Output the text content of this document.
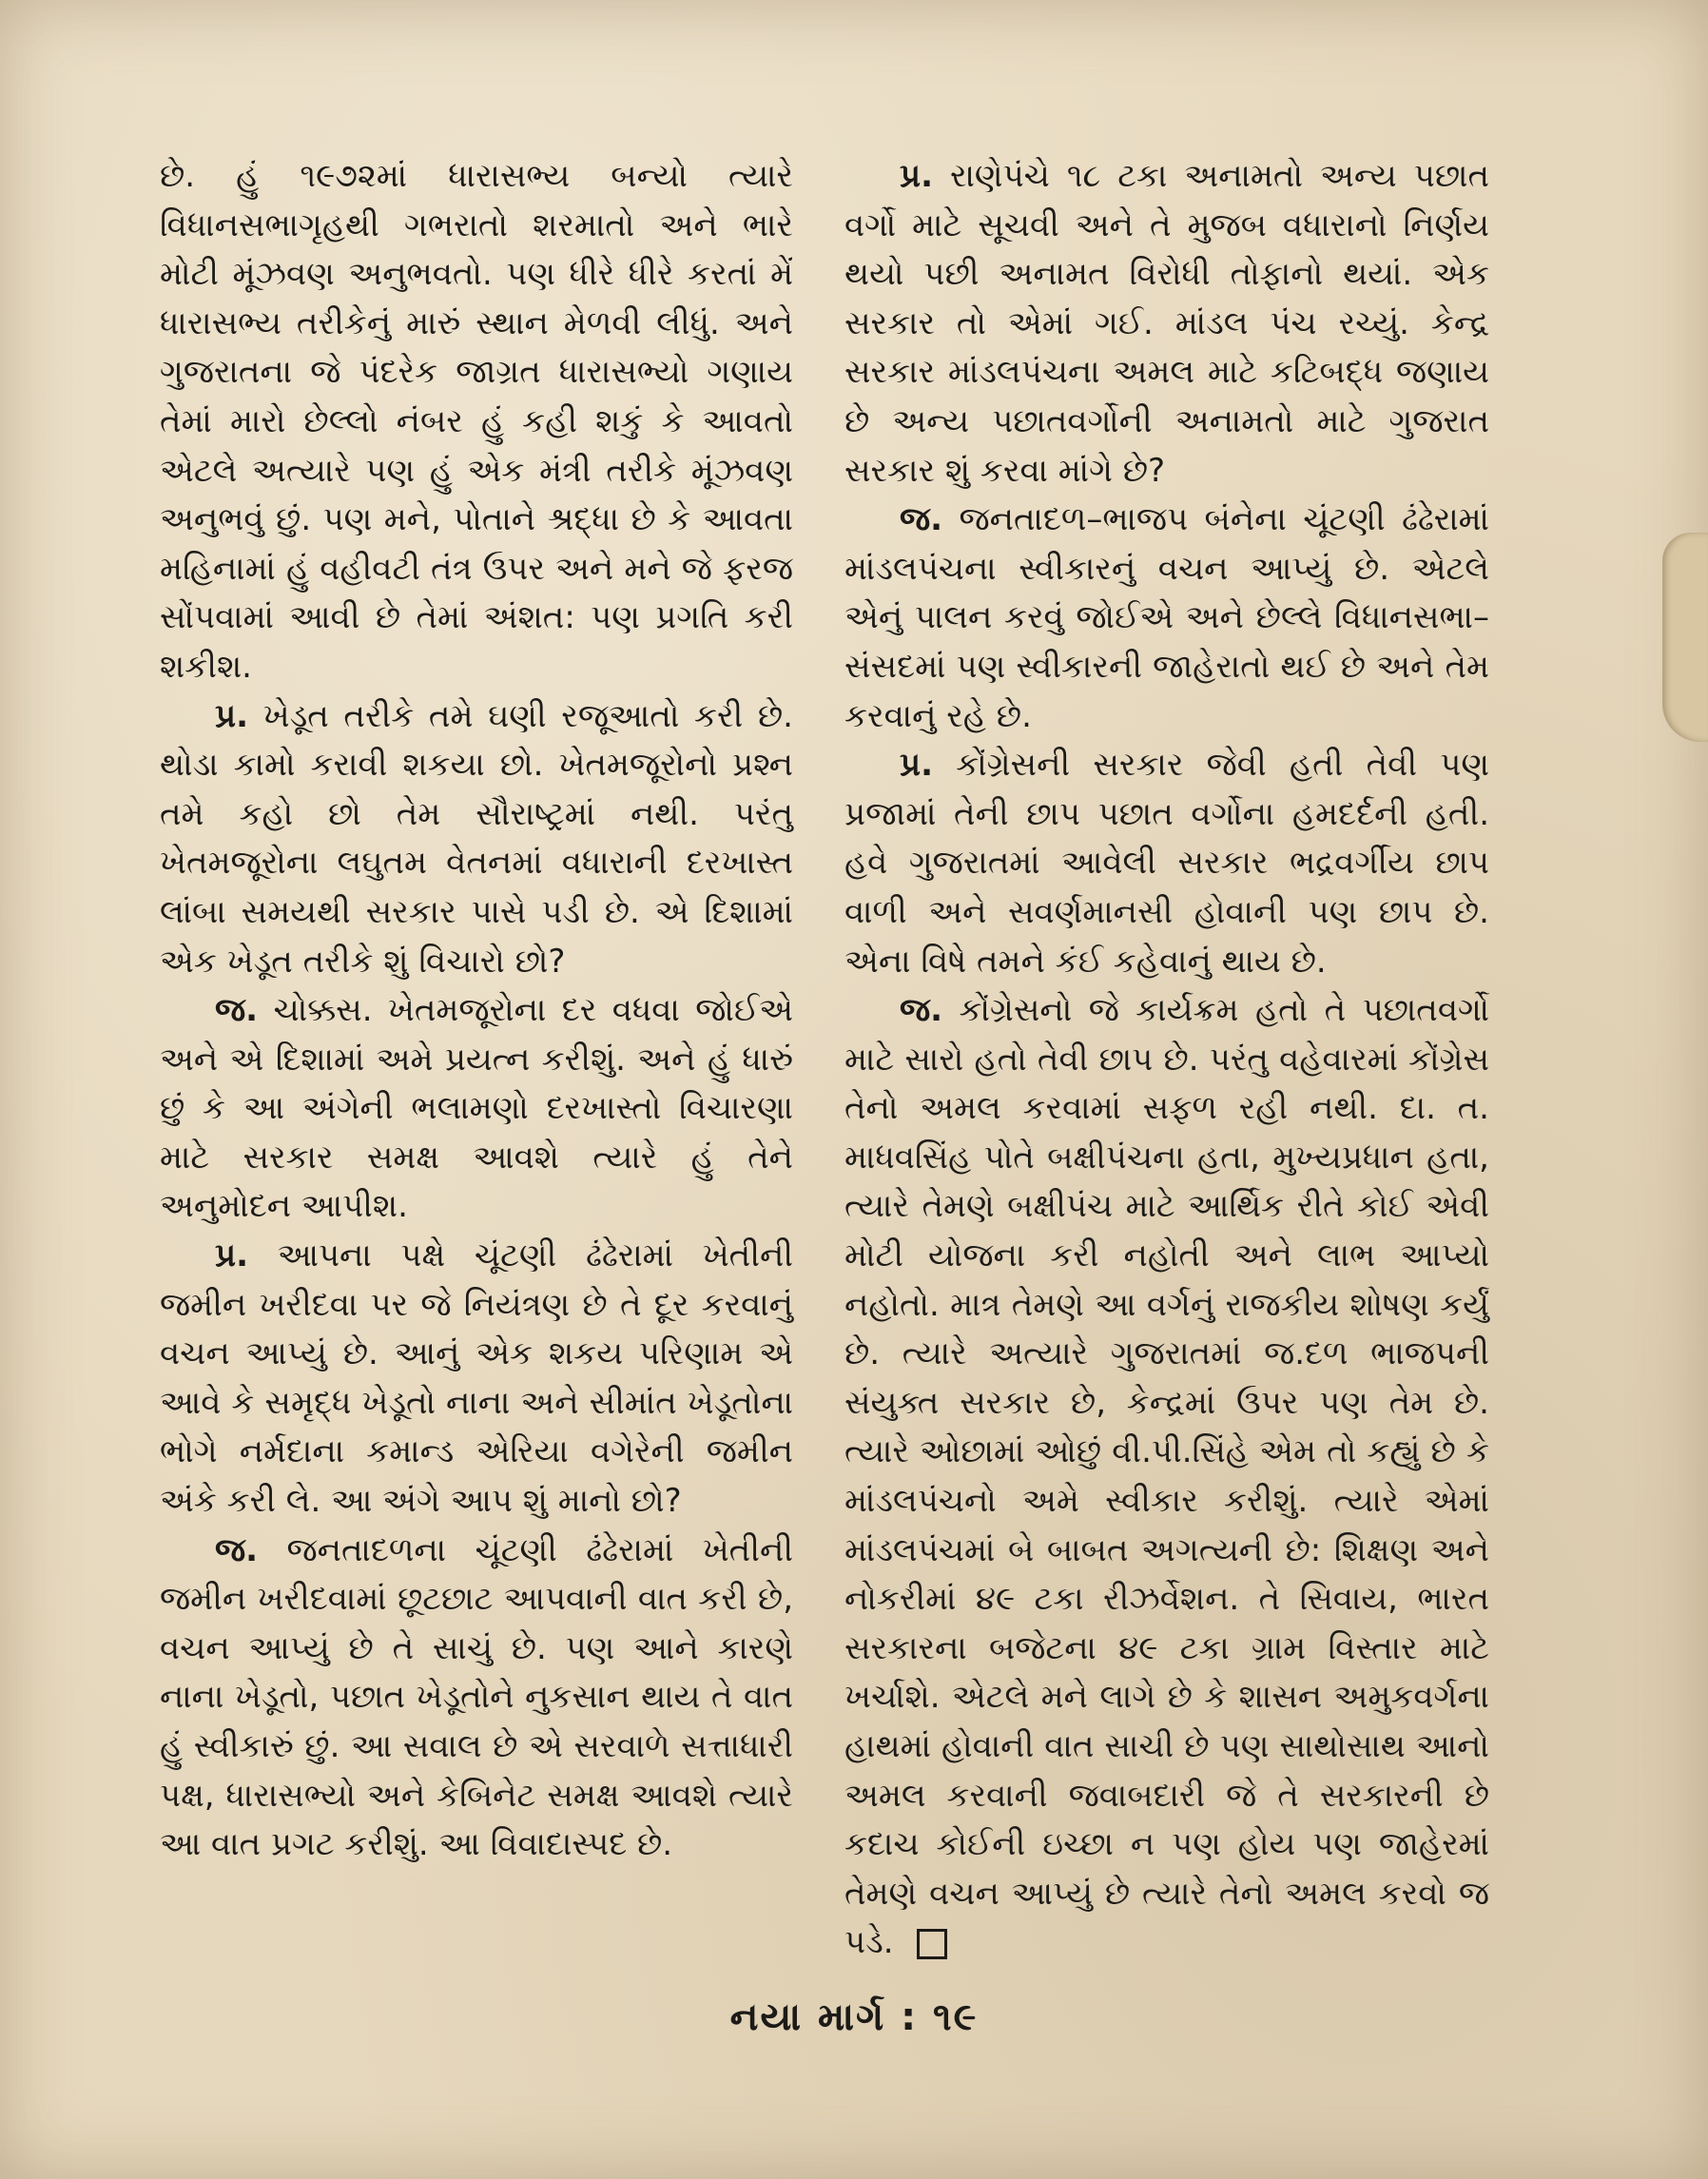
છે. હું ૧૯૭૨માં ધારાસભ્ય બન્યો ત્યારે વિધાનસભાગૃહથી ગભરાતો શરમાતો અને ભારે મોટી મૂંઝવણ અનુભવતો. પણ ધીરે ધીરે કરતાં મેં ધારાસભ્ય તરીકેનું મારું સ્થાન મેળવી લીધું. અને ગુજરાતના જે પંદરેક જાગ્રત ધારાસભ્યો ગણાય તેમાં મારો છેલ્લો નંબર હું કહી શકું કે આવતો એટલે અત્યારે પણ હું એક મંત્રી તરીકે મૂંઝવણ અનુભવું છું. પણ મને, પોતાને શ્રદ્ધા છે કે આવતા મહિનામાં હું વહીવટી તંત્ર ઉપર અને મને જે ફરજ સોંપવામાં આવી છે તેમાં અંશત: પણ પ્રગતિ કરી શકીશ.

પ્ર. ખેડૂત તરીકે તમે ઘણી રજૂઆતો કરી છે. થોડા કામો કરાવી શકયા છો. ખેતમજૂરોનો પ્રશ્ન તમે કહો છો તેમ સૌરાષ્ટ્રમાં નથી. પરંતુ ખેતમજૂરોના લઘુતમ વેતનમાં વધારાની દરખાસ્ત લાંબા સમયથી સરકાર પાસે પડી છે. એ દિશામાં એક ખેડૂત તરીકે શું વિચારો છો?

જ. ચોક્કસ. ખેતમજૂરોના દર વધવા જોઈએ અને એ દિશામાં અમે પ્રયત્ન કરીશું. અને હું ધારું છું કે આ અંગેની ભલામણો દરખાસ્તો વિચારણા માટે સરકાર સમક્ષ આવશે ત્યારે હું તેને અનુમોદન આપીશ.

પ્ર. આપના પક્ષે ચૂંટણી ઢંઢેરામાં ખેતીની જમીન ખરીદવા પર જે નિયંત્રણ છે તે દૂર કરવાનું વચન આપ્યું છે. આનું એક શકય પરિણામ એ આવે કે સમૃદ્ધ ખેડૂતો નાના અને સીમાંત ખેડૂતોના ભોગે નર્મદાના કમાન્ડ એરિયા વગેરેની જમીન અંકે કરી લે. આ અંગે આપ શું માનો છો?

જ. જનતાદળના ચૂંટણી ઢંઢેરામાં ખેતીની જમીન ખરીદવામાં છૂટછાટ આપવાની વાત કરી છે, વચન આપ્યું છે તે સાચું છે. પણ આને કારણે નાના ખેડૂતો, પછાત ખેડૂતોને નુકસાન થાય તે વાત હું સ્વીકારું છું. આ સવાલ છે એ સરવાળે સત્તાધારી પક્ષ, ધારાસભ્યો અને કેબિનેટ સમક્ષ આવશે ત્યારે આ વાત પ્રગટ કરીશું. આ વિવાદાસ્પદ છે.

પ્ર. રાણેપંચે ૧૮ ટકા અનામતો અન્ય પછાત વર્ગો માટે સૂચવી અને તે મુજબ વધારાનો નિર્ણય થયો પછી અનામત વિરોધી તોફાનો થયાં. એક સરકાર તો એમાં ગઈ. માંડલ પંચ રચ્યું. કેન્દ્ર સરકાર માંડલપંચના અમલ માટે કટિબદ્ધ જણાય છે અન્ય પછાતવર્ગોની અનામતો માટે ગુજરાત સરકાર શું કરવા માંગે છે?

જ. જનતાદળ–ભાજપ બંનેના ચૂંટણી ઢંઢેરામાં માંડલપંચના સ્વીકારનું વચન આપ્યું છે. એટલે એનું પાલન કરવું જોઈએ અને છેલ્લે વિધાનસભા–સંસદમાં પણ સ્વીકારની જાહેરાતો થઈ છે અને તેમ કરવાનું રહે છે.

પ્ર. કોંગ્રેસની સરકાર જેવી હતી તેવી પણ પ્રજામાં તેની છાપ પછાત વર્ગોના હમદર્દની હતી. હવે ગુજરાતમાં આવેલી સરકાર ભદ્રવર્ગીય છાપ વાળી અને સવર્ણમાનસી હોવાની પણ છાપ છે. એના વિષે તમને કંઈ કહેવાનું થાય છે.

જ. કોંગ્રેસનો જે કાર્યક્રમ હતો તે પછાતવર્ગો માટે સારો હતો તેવી છાપ છે. પરંતુ વહેવારમાં કોંગ્રેસ તેનો અમલ કરવામાં સફળ રહી નથી. દા. ત. માધવસિંહ પોતે બક્ષીપંચના હતા, મુખ્યપ્રધાન હતા, ત્યારે તેમણે બક્ષીપંચ માટે આર્થિક રીતે કોઈ એવી મોટી યોજના કરી નહોતી અને લાભ આપ્યો નહોતો. માત્ર તેમણે આ વર્ગનું રાજકીય શોષણ કર્યું છે. ત્યારે અત્યારે ગુજરાતમાં જ.દળ ભાજપની સંયુક્ત સરકાર છે, કેન્દ્રમાં ઉપર પણ તેમ છે. ત્યારે ઓછામાં ઓછું વી.પી.સિંહે એમ તો કહ્યું છે કે માંડલપંચનો અમે સ્વીકાર કરીશું. ત્યારે એમાં માંડલપંચમાં બે બાબત અગત્યની છે: શિક્ષણ અને નોકરીમાં ૪૯ ટકા રીઝર્વેશન. તે સિવાય, ભારત સરકારના બજેટના ૪૯ ટકા ગ્રામ વિસ્તાર માટે ખર્ચાશે. એટલે મને લાગે છે કે શાસન અમુકવર્ગના હાથમાં હોવાની વાત સાચી છે પણ સાથોસાથ આનો અમલ કરવાની જવાબદારી જે તે સરકારની છે કદાચ કોઈની ઇચ્છા ન પણ હોય પણ જાહેરમાં તેમણે વચન આપ્યું છે ત્યારે તેનો અમલ કરવો જ પડે.

નયા માર્ગ : ૧૯
